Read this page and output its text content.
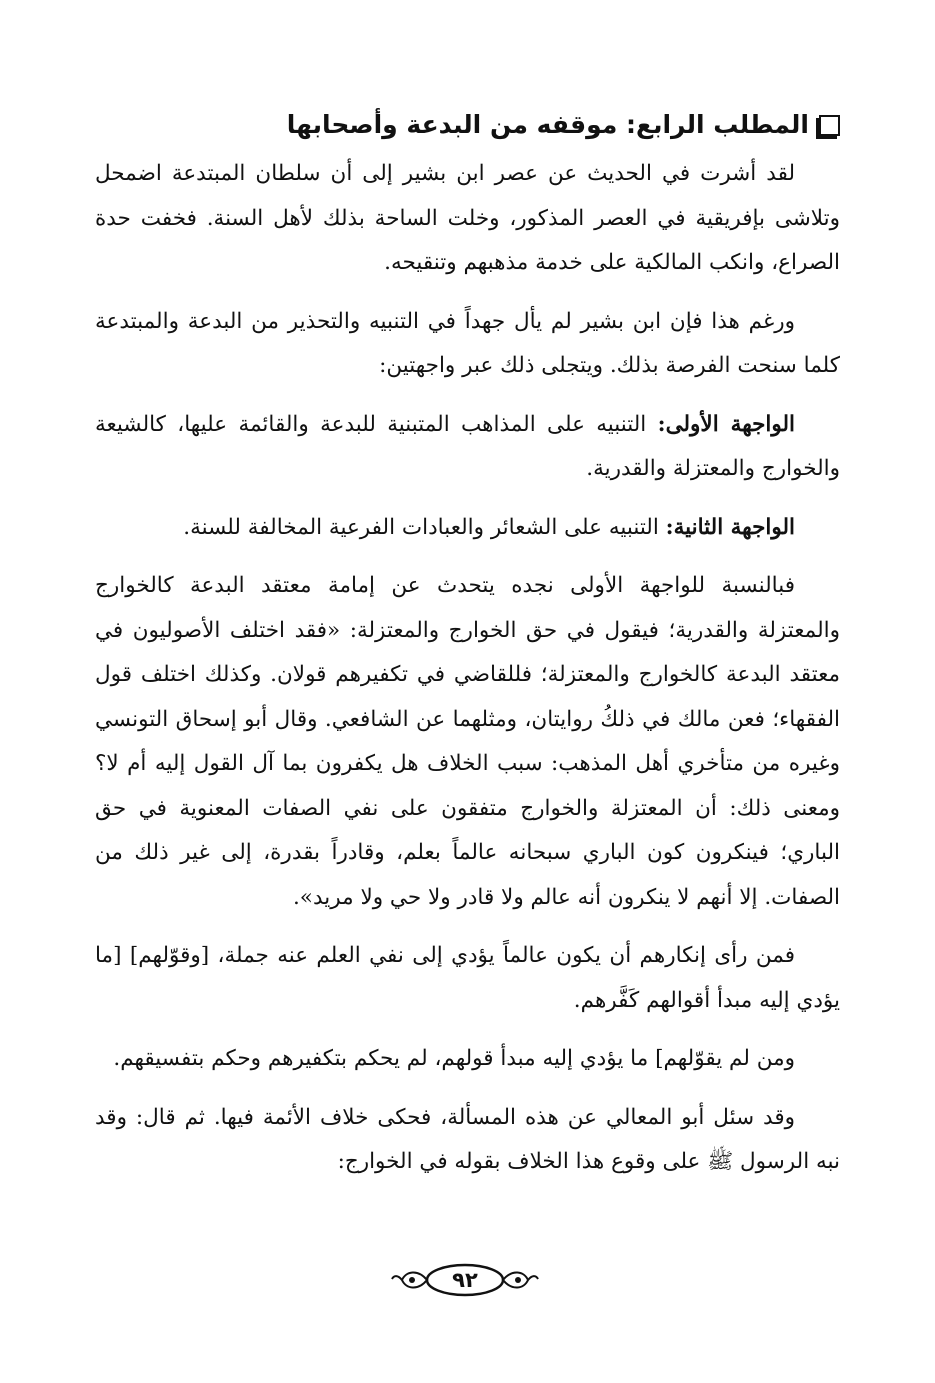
المطلب الرابع: موقفه من البدعة وأصحابها

لقد أشرت في الحديث عن عصر ابن بشير إلى أن سلطان المبتدعة اضمحل وتلاشى بإفريقية في العصر المذكور، وخلت الساحة بذلك لأهل السنة. فخفت حدة الصراع، وانكب المالكية على خدمة مذهبهم وتنقيحه.

ورغم هذا فإن ابن بشير لم يأل جهداً في التنبيه والتحذير من البدعة والمبتدعة كلما سنحت الفرصة بذلك. ويتجلى ذلك عبر واجهتين:

الواجهة الأولى: التنبيه على المذاهب المتبنية للبدعة والقائمة عليها، كالشيعة والخوارج والمعتزلة والقدرية.

الواجهة الثانية: التنبيه على الشعائر والعبادات الفرعية المخالفة للسنة.

فبالنسبة للواجهة الأولى نجده يتحدث عن إمامة معتقد البدعة كالخوارج والمعتزلة والقدرية؛ فيقول في حق الخوارج والمعتزلة: «فقد اختلف الأصوليون في معتقد البدعة كالخوارج والمعتزلة؛ فللقاضي في تكفيرهم قولان. وكذلك اختلف قول الفقهاء؛ فعن مالك في ذلكُ روايتان، ومثلهما عن الشافعي. وقال أبو إسحاق التونسي وغيره من متأخري أهل المذهب: سبب الخلاف هل يكفرون بما آل القول إليه أم لا؟ ومعنى ذلك: أن المعتزلة والخوارج متفقون على نفي الصفات المعنوية في حق الباري؛ فينكرون كون الباري سبحانه عالماً بعلم، وقادراً بقدرة، إلى غير ذلك من الصفات. إلا أنهم لا ينكرون أنه عالم ولا قادر ولا حي ولا مريد».

فمن رأى إنكارهم أن يكون عالماً يؤدي إلى نفي العلم عنه جملة، [وقوّلهم] [ما يؤدي إليه مبدأ أقوالهم كَفَّرهم.

ومن لم يقوّلهم] ما يؤدي إليه مبدأ قولهم، لم يحكم بتكفيرهم وحكم بتفسيقهم.

وقد سئل أبو المعالي عن هذه المسألة، فحكى خلاف الأئمة فيها. ثم قال: وقد نبه الرسول ﷺ على وقوع هذا الخلاف بقوله في الخوارج:

٩٢
